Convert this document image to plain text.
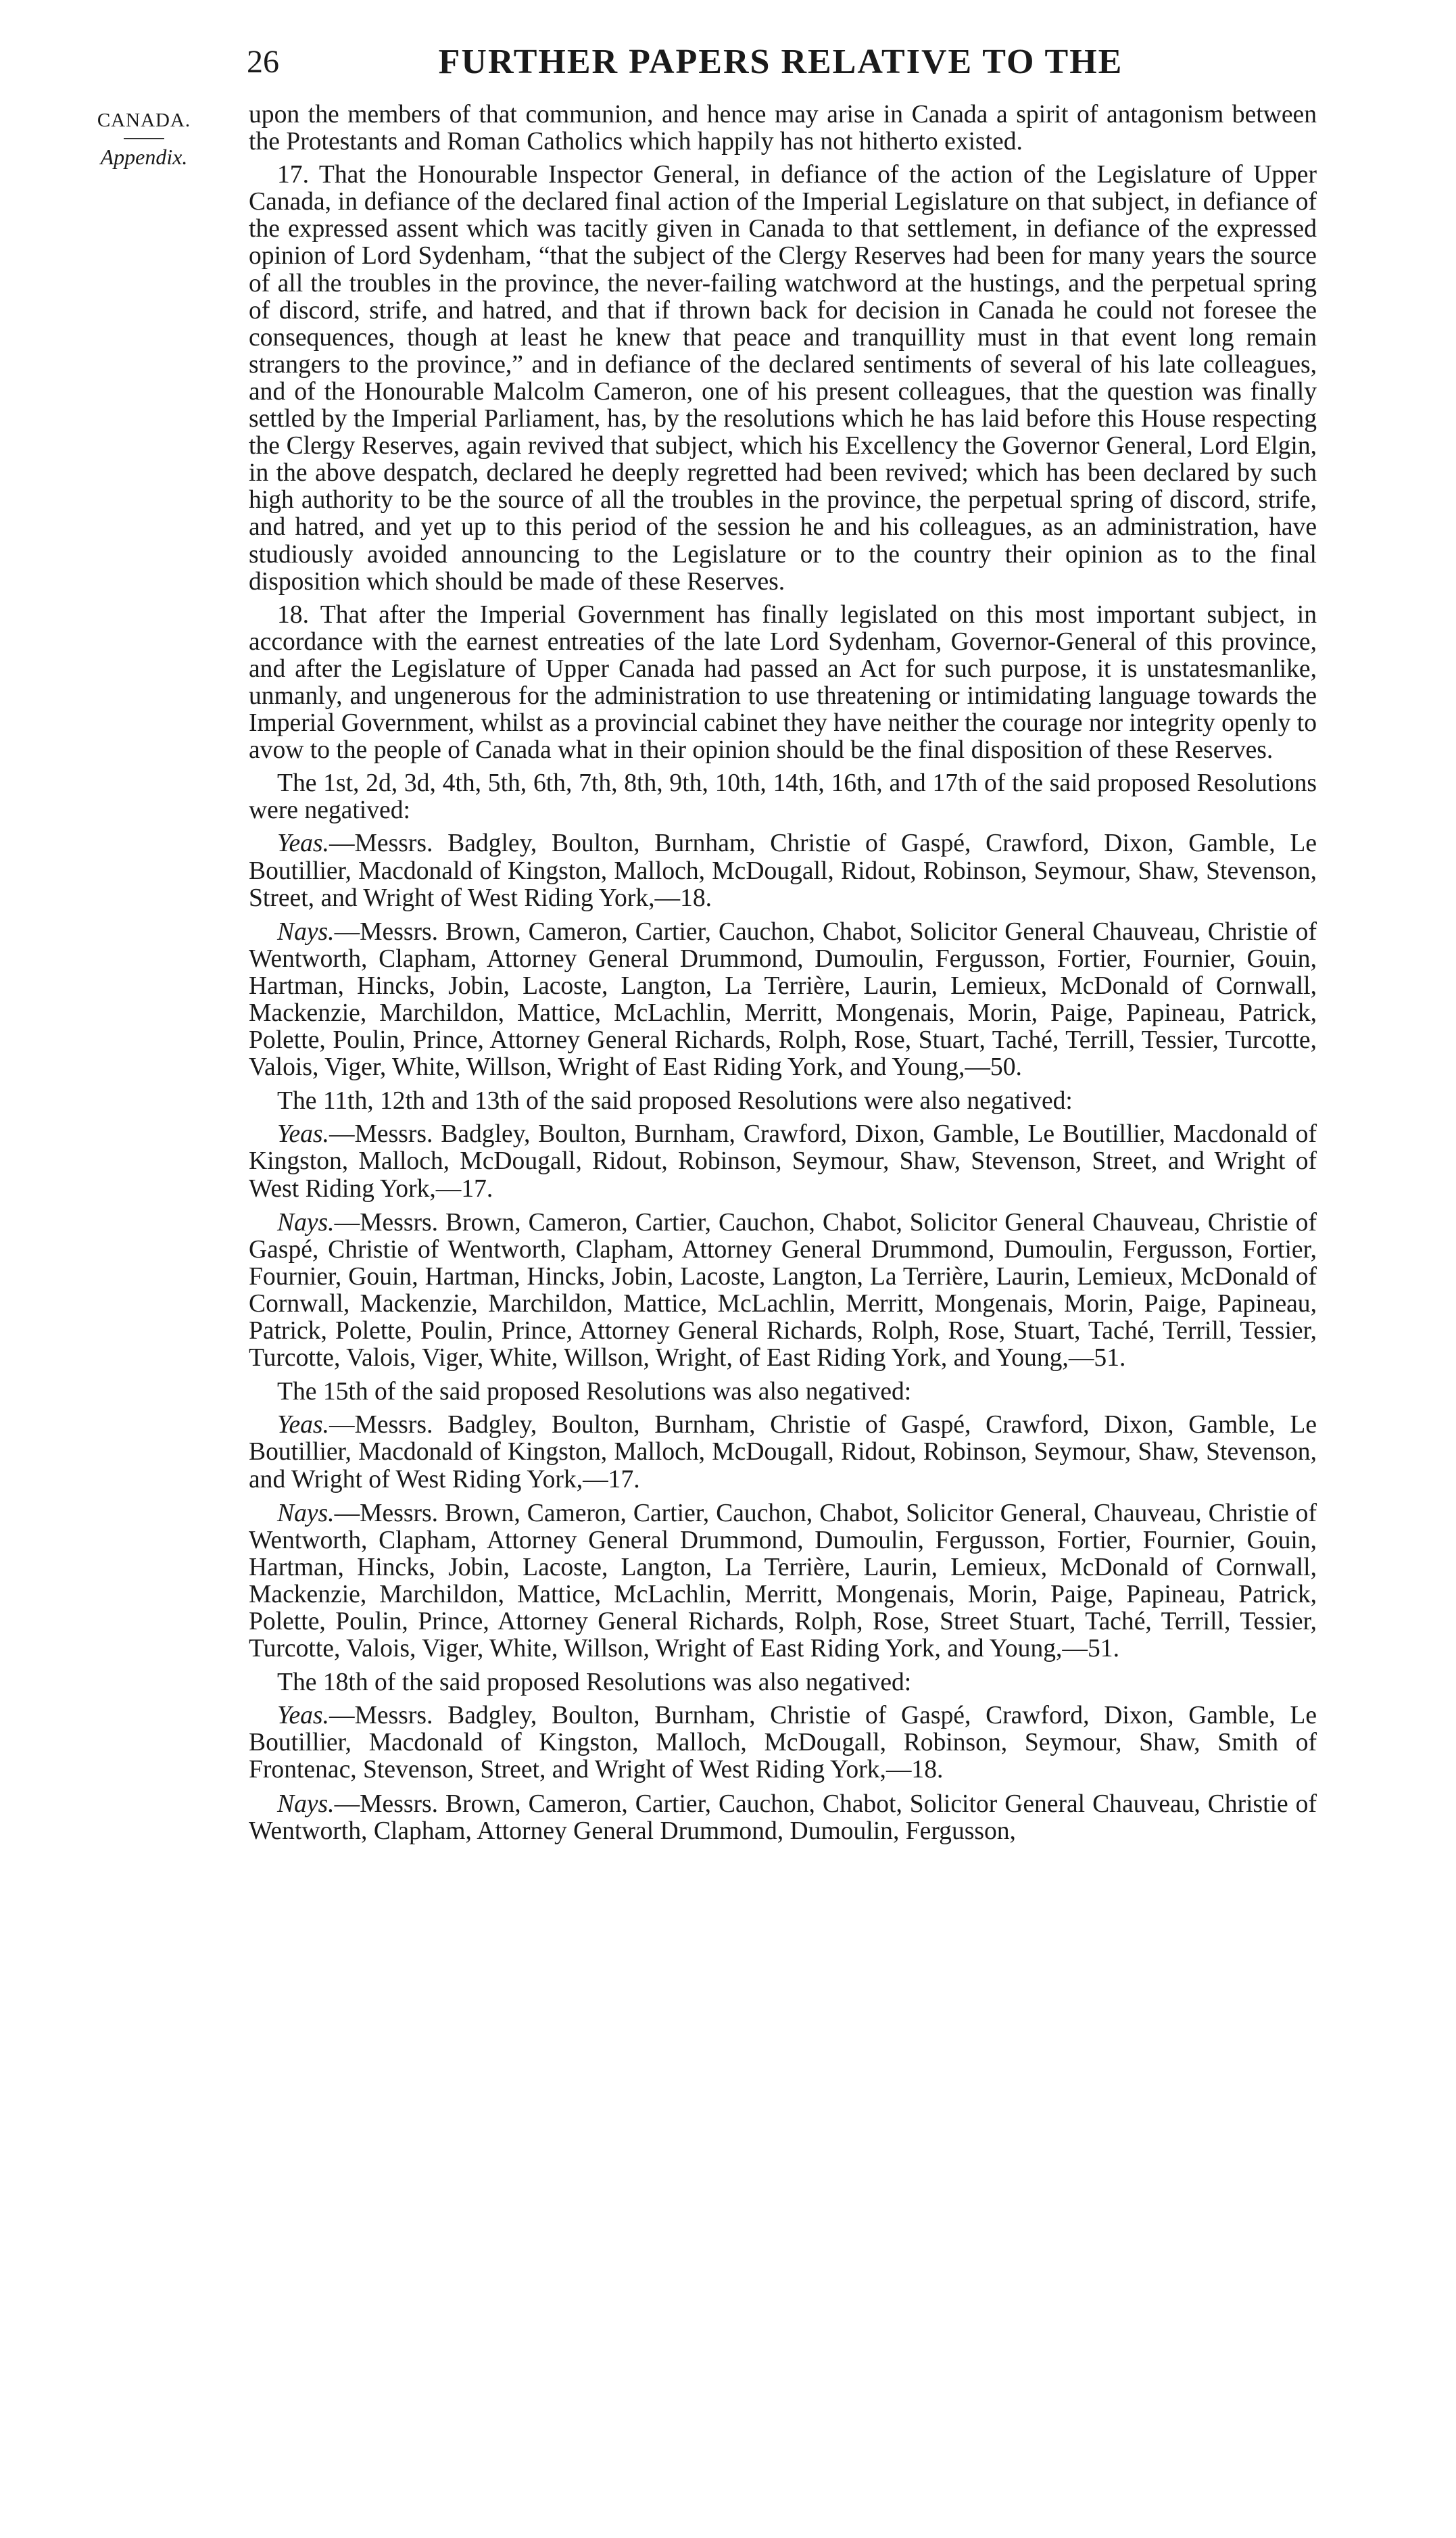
26	FURTHER PAPERS RELATIVE TO THE
CANADA.
Appendix.

upon the members of that communion, and hence may arise in Canada a spirit of antagonism between the Protestants and Roman Catholics which happily has not hitherto existed.

17. That the Honourable Inspector General, in defiance of the action of the Legislature of Upper Canada, in defiance of the declared final action of the Imperial Legislature on that subject, in defiance of the expressed assent which was tacitly given in Canada to that settlement, in defiance of the expressed opinion of Lord Sydenham, “that the subject of the Clergy Reserves had been for many years the source of all the troubles in the province, the never-failing watchword at the hustings, and the perpetual spring of discord, strife, and hatred, and that if thrown back for decision in Canada he could not foresee the consequences, though at least he knew that peace and tranquillity must in that event long remain strangers to the province,” and in defiance of the declared sentiments of several of his late colleagues, and of the Honourable Malcolm Cameron, one of his present colleagues, that the question was finally settled by the Imperial Parliament, has, by the resolutions which he has laid before this House respecting the Clergy Reserves, again revived that subject, which his Excellency the Governor General, Lord Elgin, in the above despatch, declared he deeply regretted had been revived; which has been declared by such high authority to be the source of all the troubles in the province, the perpetual spring of discord, strife, and hatred, and yet up to this period of the session he and his colleagues, as an administration, have studiously avoided announcing to the Legislature or to the country their opinion as to the final disposition which should be made of these Reserves.

18. That after the Imperial Government has finally legislated on this most important subject, in accordance with the earnest entreaties of the late Lord Sydenham, Governor-General of this province, and after the Legislature of Upper Canada had passed an Act for such purpose, it is unstatesmanlike, unmanly, and ungenerous for the administration to use threatening or intimidating language towards the Imperial Government, whilst as a provincial cabinet they have neither the courage nor integrity openly to avow to the people of Canada what in their opinion should be the final disposition of these Reserves.

The 1st, 2d, 3d, 4th, 5th, 6th, 7th, 8th, 9th, 10th, 14th, 16th, and 17th of the said proposed Resolutions were negatived:

Yeas.—Messrs. Badgley, Boulton, Burnham, Christie of Gaspé, Crawford, Dixon, Gamble, Le Boutillier, Macdonald of Kingston, Malloch, McDougall, Ridout, Robinson, Seymour, Shaw, Stevenson, Street, and Wright of West Riding York,—18.

Nays.—Messrs. Brown, Cameron, Cartier, Cauchon, Chabot, Solicitor General Chauveau, Christie of Wentworth, Clapham, Attorney General Drummond, Dumoulin, Fergusson, Fortier, Fournier, Gouin, Hartman, Hincks, Jobin, Lacoste, Langton, La Terrière, Laurin, Lemieux, McDonald of Cornwall, Mackenzie, Marchildon, Mattice, McLachlin, Merritt, Mongenais, Morin, Paige, Papineau, Patrick, Polette, Poulin, Prince, Attorney General Richards, Rolph, Rose, Stuart, Taché, Terrill, Tessier, Turcotte, Valois, Viger, White, Willson, Wright of East Riding York, and Young,—50.

The 11th, 12th and 13th of the said proposed Resolutions were also negatived:

Yeas.—Messrs. Badgley, Boulton, Burnham, Crawford, Dixon, Gamble, Le Boutillier, Macdonald of Kingston, Malloch, McDougall, Ridout, Robinson, Seymour, Shaw, Stevenson, Street, and Wright of West Riding York,—17.

Nays.—Messrs. Brown, Cameron, Cartier, Cauchon, Chabot, Solicitor General Chauveau, Christie of Gaspé, Christie of Wentworth, Clapham, Attorney General Drummond, Dumoulin, Fergusson, Fortier, Fournier, Gouin, Hartman, Hincks, Jobin, Lacoste, Langton, La Terrière, Laurin, Lemieux, McDonald of Cornwall, Mackenzie, Marchildon, Mattice, McLachlin, Merritt, Mongenais, Morin, Paige, Papineau, Patrick, Polette, Poulin, Prince, Attorney General Richards, Rolph, Rose, Stuart, Taché, Terrill, Tessier, Turcotte, Valois, Viger, White, Willson, Wright, of East Riding York, and Young,—51.

The 15th of the said proposed Resolutions was also negatived:

Yeas.—Messrs. Badgley, Boulton, Burnham, Christie of Gaspé, Crawford, Dixon, Gamble, Le Boutillier, Macdonald of Kingston, Malloch, McDougall, Ridout, Robinson, Seymour, Shaw, Stevenson, and Wright of West Riding York,—17.

Nays.—Messrs. Brown, Cameron, Cartier, Cauchon, Chabot, Solicitor General, Chauveau, Christie of Wentworth, Clapham, Attorney General Drummond, Dumoulin, Fergusson, Fortier, Fournier, Gouin, Hartman, Hincks, Jobin, Lacoste, Langton, La Terrière, Laurin, Lemieux, McDonald of Cornwall, Mackenzie, Marchildon, Mattice, McLachlin, Merritt, Mongenais, Morin, Paige, Papineau, Patrick, Polette, Poulin, Prince, Attorney General Richards, Rolph, Rose, Street Stuart, Taché, Terrill, Tessier, Turcotte, Valois, Viger, White, Willson, Wright of East Riding York, and Young,—51.

The 18th of the said proposed Resolutions was also negatived:

Yeas.—Messrs. Badgley, Boulton, Burnham, Christie of Gaspé, Crawford, Dixon, Gamble, Le Boutillier, Macdonald of Kingston, Malloch, McDougall, Robinson, Seymour, Shaw, Smith of Frontenac, Stevenson, Street, and Wright of West Riding York,—18.

Nays.—Messrs. Brown, Cameron, Cartier, Cauchon, Chabot, Solicitor General Chauveau, Christie of Wentworth, Clapham, Attorney General Drummond, Dumoulin, Fergusson,
